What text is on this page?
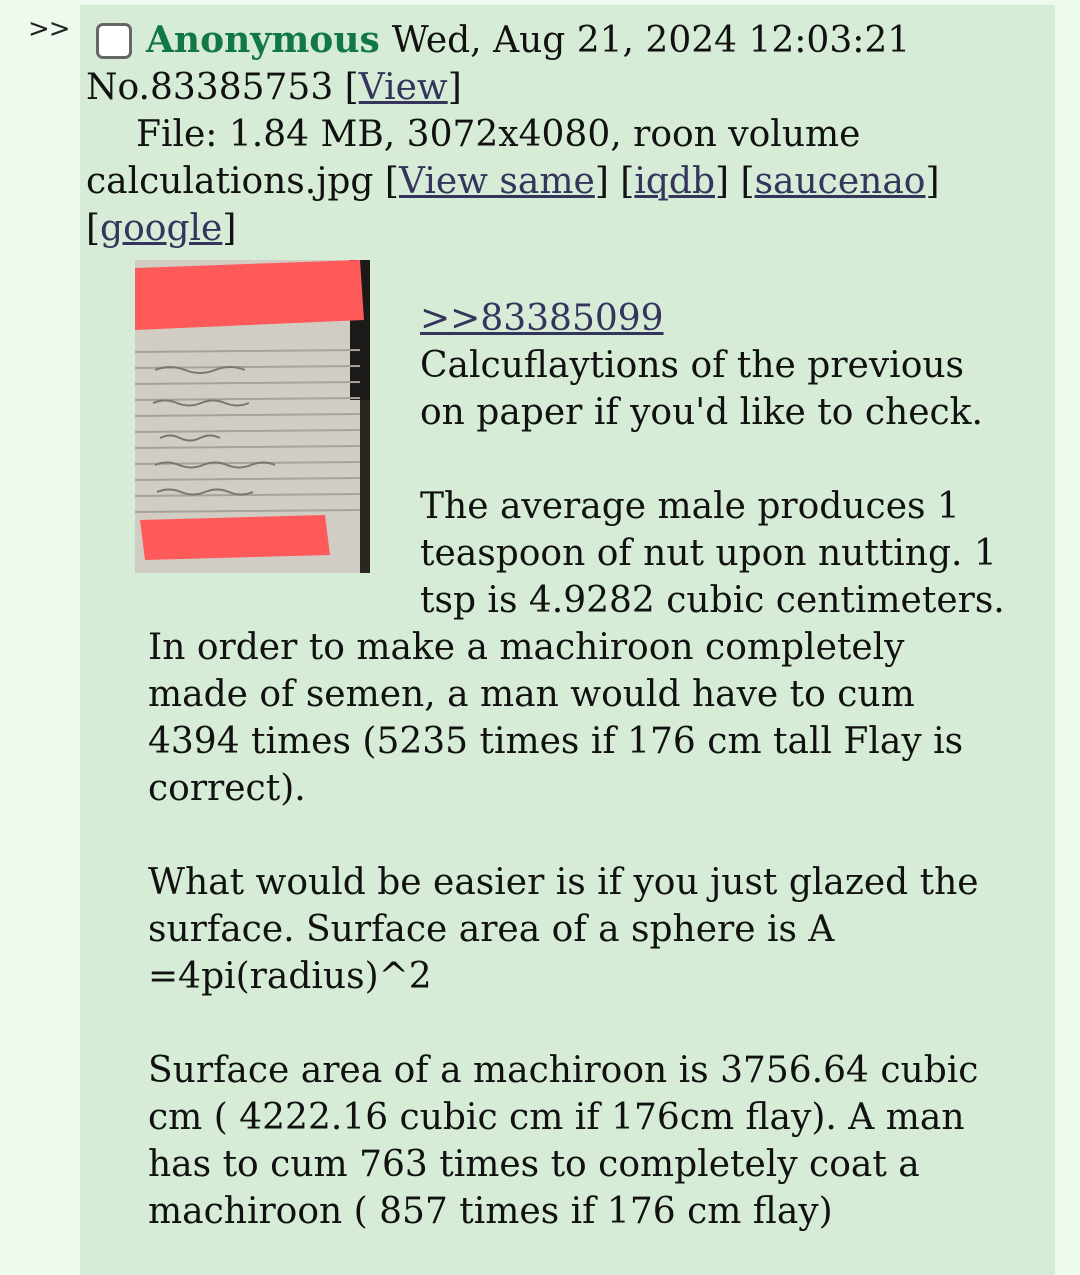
>> Anonymous Wed, Aug 21, 2024 12:03:21
No.83385753 [View]
File: 1.84 MB, 3072x4080, roon volume
calculations.jpg [View same] [iqdb] [saucenao]
[google]
>>83385099
Calcuflaytions of the previous
on paper if you'd like to check.
The average male produces 1
teaspoon of nut upon nutting. 1
tsp is 4.9282 cubic centimeters.
In order to make a machiroon completely
made of semen, a man would have to cum
4394 times (5235 times if 176 cm tall Flay is
correct).
What would be easier is if you just glazed the
surface. Surface area of a sphere is A
=4pi(radius)^2
Surface area of a machiroon is 3756.64 cubic
cm ( 4222.16 cubic cm if 176cm flay). A man
has to cum 763 times to completely coat a
machiroon ( 857 times if 176 cm flay)
